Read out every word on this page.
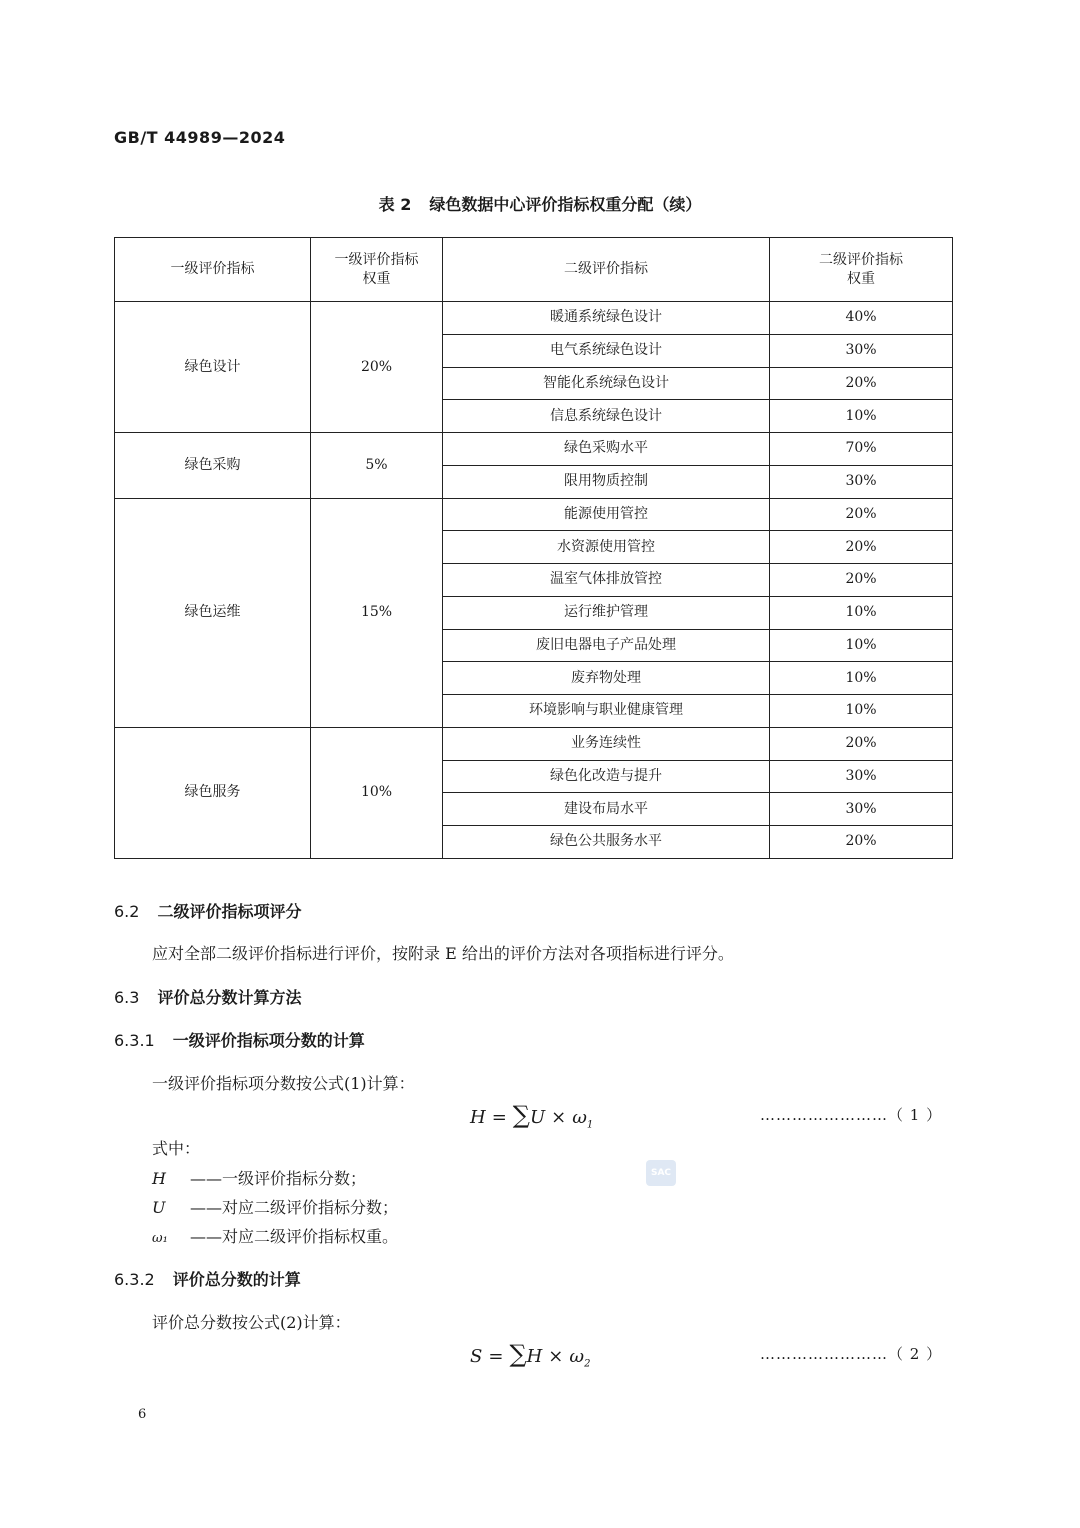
GB/T 44989—2024
表 2 绿色数据中心评价指标权重分配（续）
一级评价指标	一级评价指标权重	二级评价指标	二级评价指标权重
绿色设计	20%	暖通系统绿色设计	40%
		电气系统绿色设计	30%
		智能化系统绿色设计	20%
		信息系统绿色设计	10%
绿色采购	5%	绿色采购水平	70%
		限用物质控制	30%
绿色运维	15%	能源使用管控	20%
		水资源使用管控	20%
		温室气体排放管控	20%
		运行维护管理	10%
		废旧电器电子产品处理	10%
		废弃物处理	10%
		环境影响与职业健康管理	10%
绿色服务	10%	业务连续性	20%
		绿色化改造与提升	30%
		建设布局水平	30%
		绿色公共服务水平	20%
6.2 二级评价指标项评分
应对全部二级评价指标进行评价，按附录 E 给出的评价方法对各项指标进行评分。
6.3 评价总分数计算方法
6.3.1 一级评价指标项分数的计算
一级评价指标项分数按公式(1)计算：
$H = \sum U \times \omega_1$
……………………（ 1 ）
式中：
H ——一级评价指标分数；
U ——对应二级评价指标分数；
ω₁ ——对应二级评价指标权重。
SAC
6.3.2 评价总分数的计算
评价总分数按公式(2)计算：
$S = \sum H \times \omega_2$
……………………（ 2 ）
6
